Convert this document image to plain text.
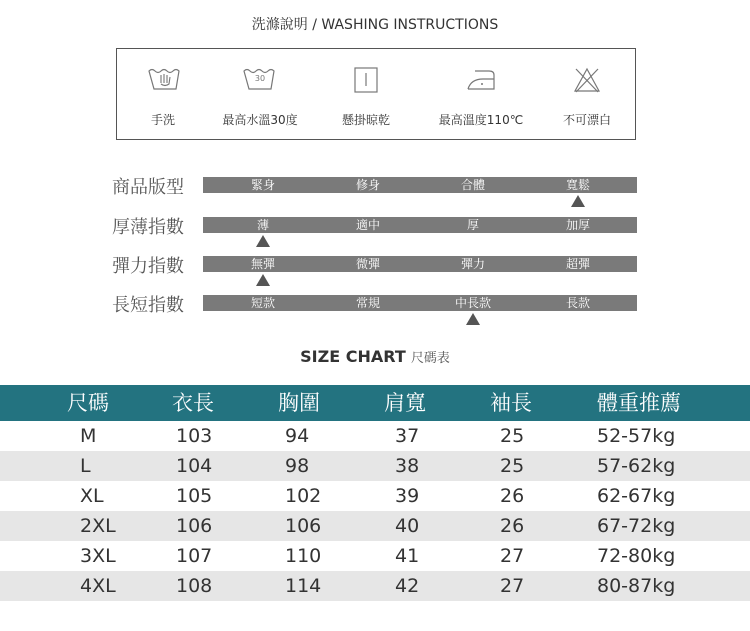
洗滌說明 / WASHING INSTRUCTIONS
手洗
30
最高水溫30度	懸掛晾乾	最高溫度110℃	不可漂白
商品版型	緊身	修身	合體	寬鬆
厚薄指數	薄	適中	厚	加厚
彈力指數	無彈	微彈	彈力	超彈
長短指數	短款	常規	中長款	長款
SIZE CHART 尺碼表
尺碼	衣長	胸圍	肩寬	袖長	體重推薦
M	103	94	37	25	52-57kg
L	104	98	38	25	57-62kg
XL	105	102	39	26	62-67kg
2XL	106	106	40	26	67-72kg
3XL	107	110	41	27	72-80kg
4XL	108	114	42	27	80-87kg
